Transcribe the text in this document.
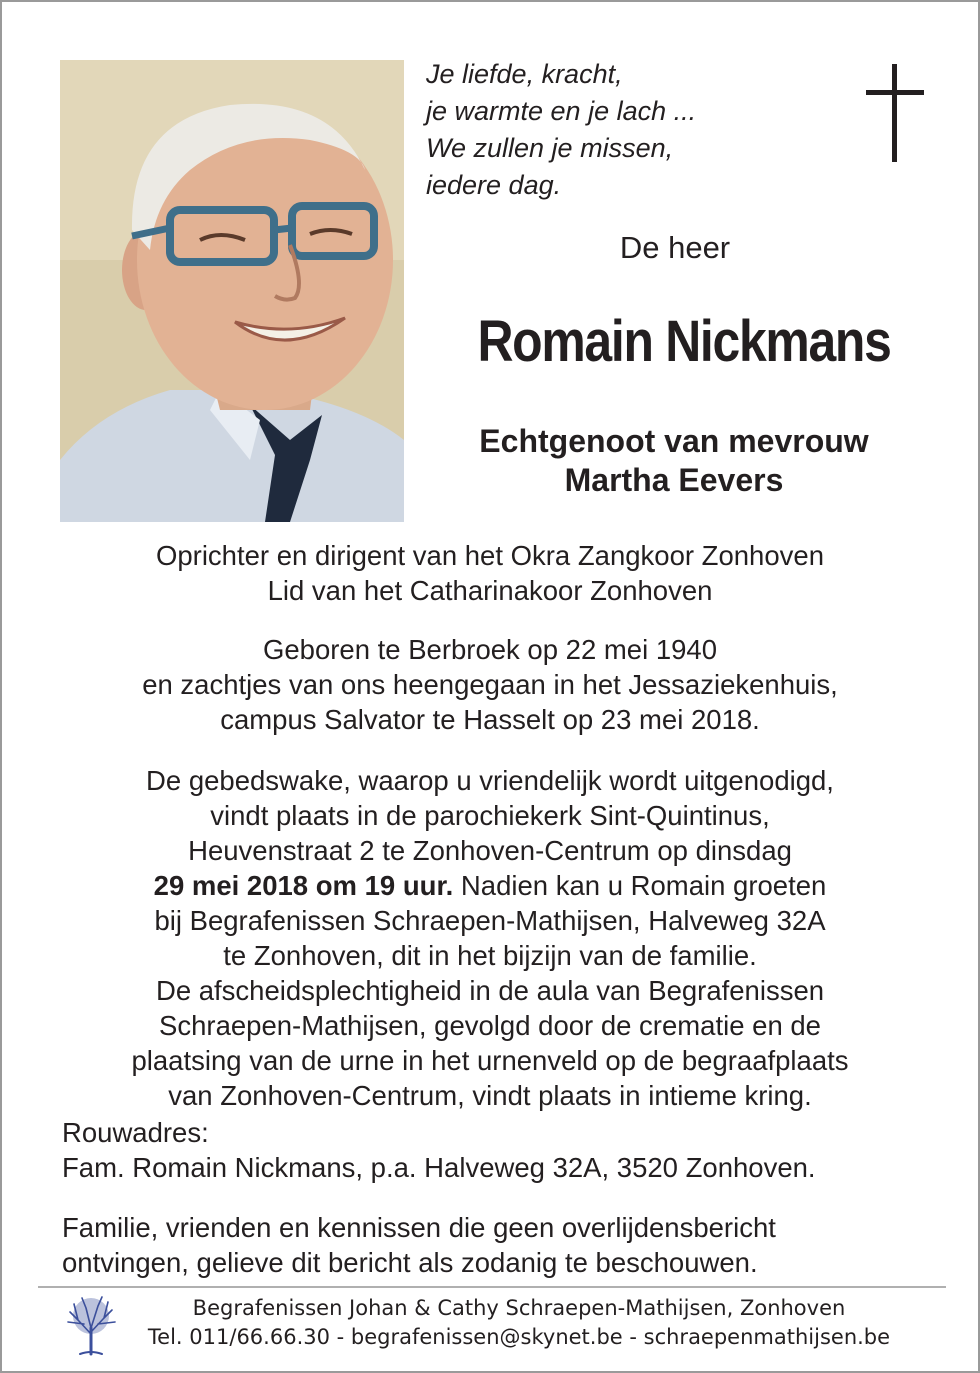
Je liefde, kracht,
je warmte en je lach ...
We zullen je missen,
iedere dag.
De heer
Romain Nickmans
Echtgenoot van mevrouw
Martha Eevers
Oprichter en dirigent van het Okra Zangkoor Zonhoven
Lid van het Catharinakoor Zonhoven
Geboren te Berbroek op 22 mei 1940
en zachtjes van ons heengegaan in het Jessaziekenhuis,
campus Salvator te Hasselt op 23 mei 2018.
De gebedswake, waarop u vriendelijk wordt uitgenodigd,
vindt plaats in de parochiekerk Sint-Quintinus,
Heuvenstraat 2 te Zonhoven-Centrum op dinsdag
29 mei 2018 om 19 uur. Nadien kan u Romain groeten
bij Begrafenissen Schraepen-Mathijsen, Halveweg 32A
te Zonhoven, dit in het bijzijn van de familie.
De afscheidsplechtigheid in de aula van Begrafenissen
Schraepen-Mathijsen, gevolgd door de crematie en de
plaatsing van de urne in het urnenveld op de begraafplaats
van Zonhoven-Centrum, vindt plaats in intieme kring.
Rouwadres:
Fam. Romain Nickmans, p.a. Halveweg 32A, 3520 Zonhoven.
Familie, vrienden en kennissen die geen overlijdensbericht
ontvingen, gelieve dit bericht als zodanig te beschouwen.
Begrafenissen Johan & Cathy Schraepen-Mathijsen, Zonhoven
Tel. 011/66.66.30 - begrafenissen@skynet.be - schraepenmathijsen.be
